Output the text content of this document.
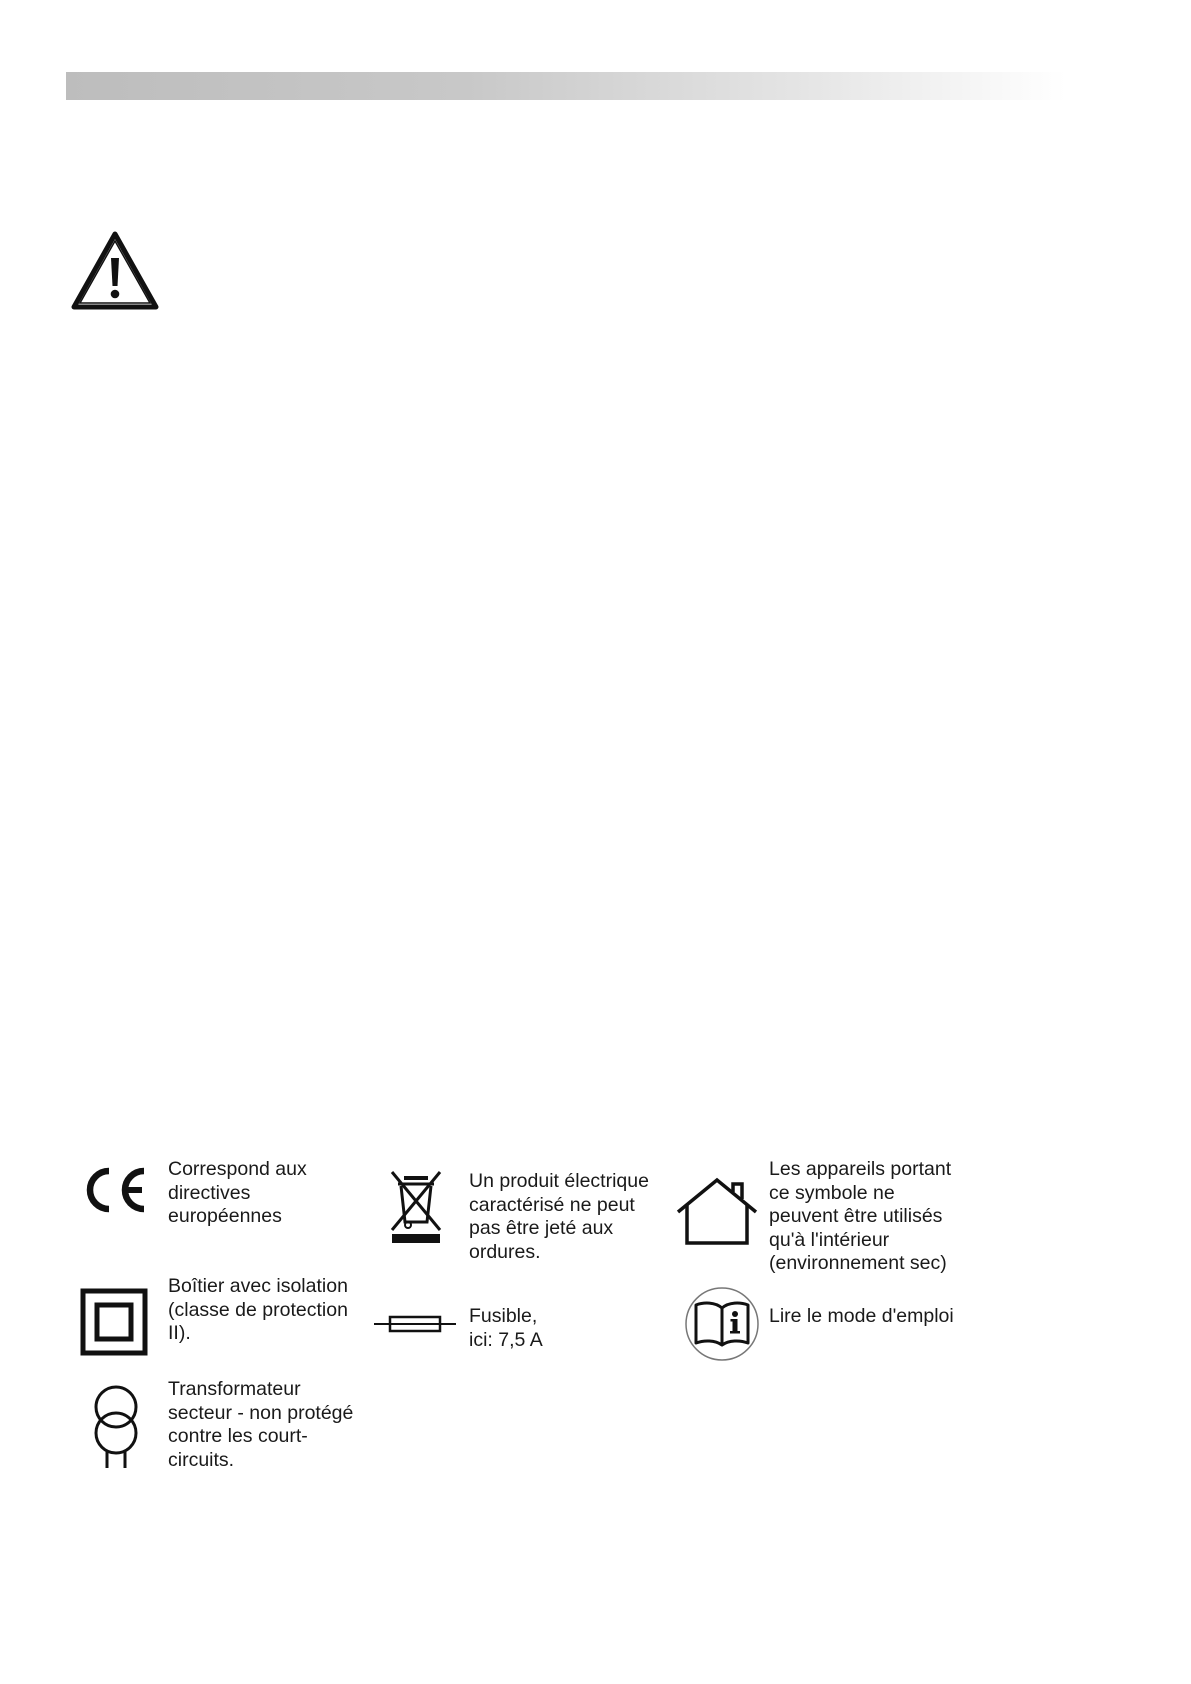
Correspond aux
directives
européennes

Un produit électrique
caractérisé ne peut
pas être jeté aux
ordures.

Les appareils portant
ce symbole ne
peuvent être utilisés
qu'à l'intérieur
(environnement sec)

Boîtier avec isolation
(classe de protection
II).

Fusible,
ici: 7,5 A

Lire le mode d'emploi

Transformateur
secteur - non protégé
contre les court-
circuits.
